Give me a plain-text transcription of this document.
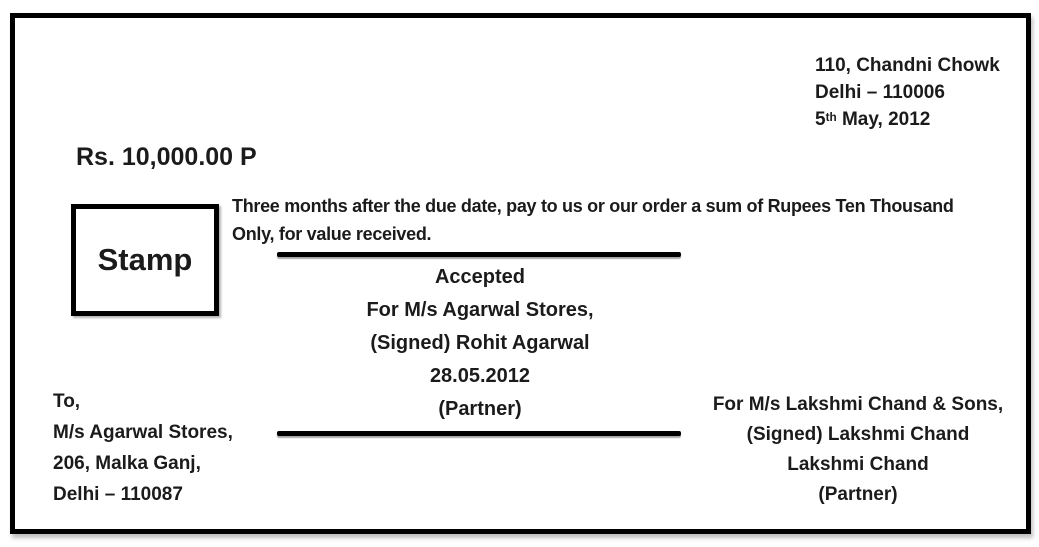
110, Chandni Chowk
Delhi – 110006
5th May, 2012
Rs. 10,000.00 P
Stamp
Three months after the due date, pay to us or our order a sum of Rupees Ten Thousand
Only, for value received.
Accepted
For M/s Agarwal Stores,
(Signed) Rohit Agarwal
28.05.2012
(Partner)
To,
M/s Agarwal Stores,
206, Malka Ganj,
Delhi – 110087
For M/s Lakshmi Chand & Sons,
(Signed) Lakshmi Chand
Lakshmi Chand
(Partner)
